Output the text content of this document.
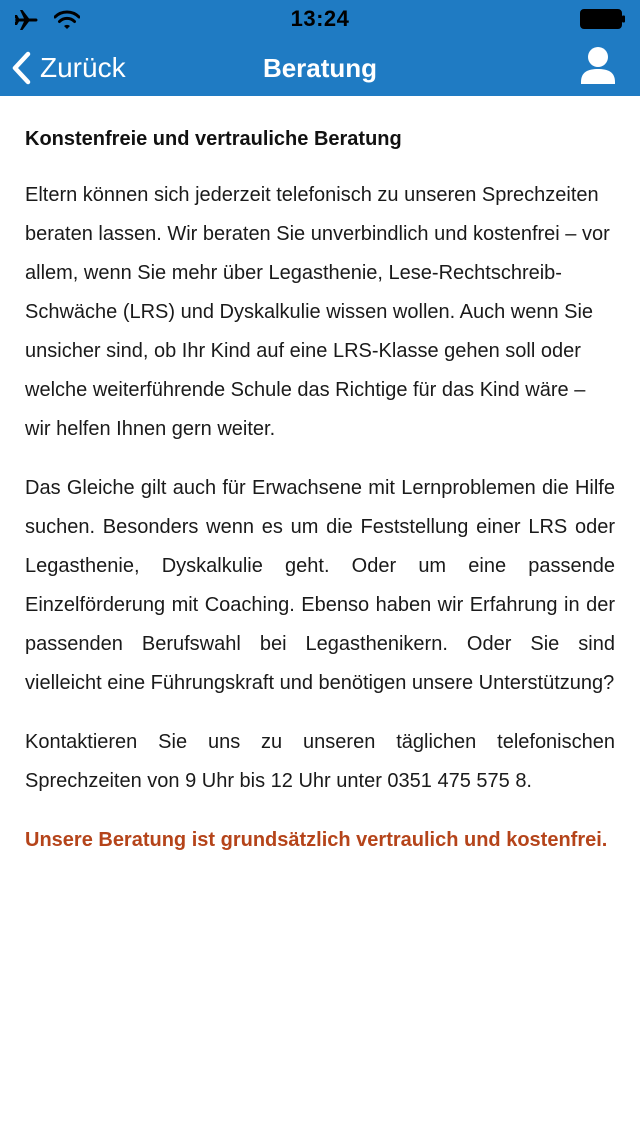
13:24
Zurück	Beratung
Konstenfreie und vertrauliche Beratung

Eltern können sich jederzeit telefonisch zu unseren Sprechzeiten beraten lassen. Wir beraten Sie unverbindlich und kostenfrei – vor allem, wenn Sie mehr über Legasthenie, Lese-Rechtschreib-Schwäche (LRS) und Dyskalkulie wissen wollen. Auch wenn Sie unsicher sind, ob Ihr Kind auf eine LRS-Klasse gehen soll oder welche weiterführende Schule das Richtige für das Kind wäre – wir helfen Ihnen gern weiter.

Das Gleiche gilt auch für Erwachsene mit Lernproblemen die Hilfe suchen. Besonders wenn es um die Feststellung einer LRS oder Legasthenie, Dyskalkulie geht. Oder um eine passende Einzelförderung mit Coaching. Ebenso haben wir Erfahrung in der passenden Berufswahl bei Legasthenikern. Oder Sie sind vielleicht eine Führungskraft und benötigen unsere Unterstützung?

Kontaktieren Sie uns zu unseren täglichen telefonischen Sprechzeiten von 9 Uhr bis 12 Uhr unter 0351 475 575 8.

Unsere Beratung ist grundsätzlich vertraulich und kostenfrei.
